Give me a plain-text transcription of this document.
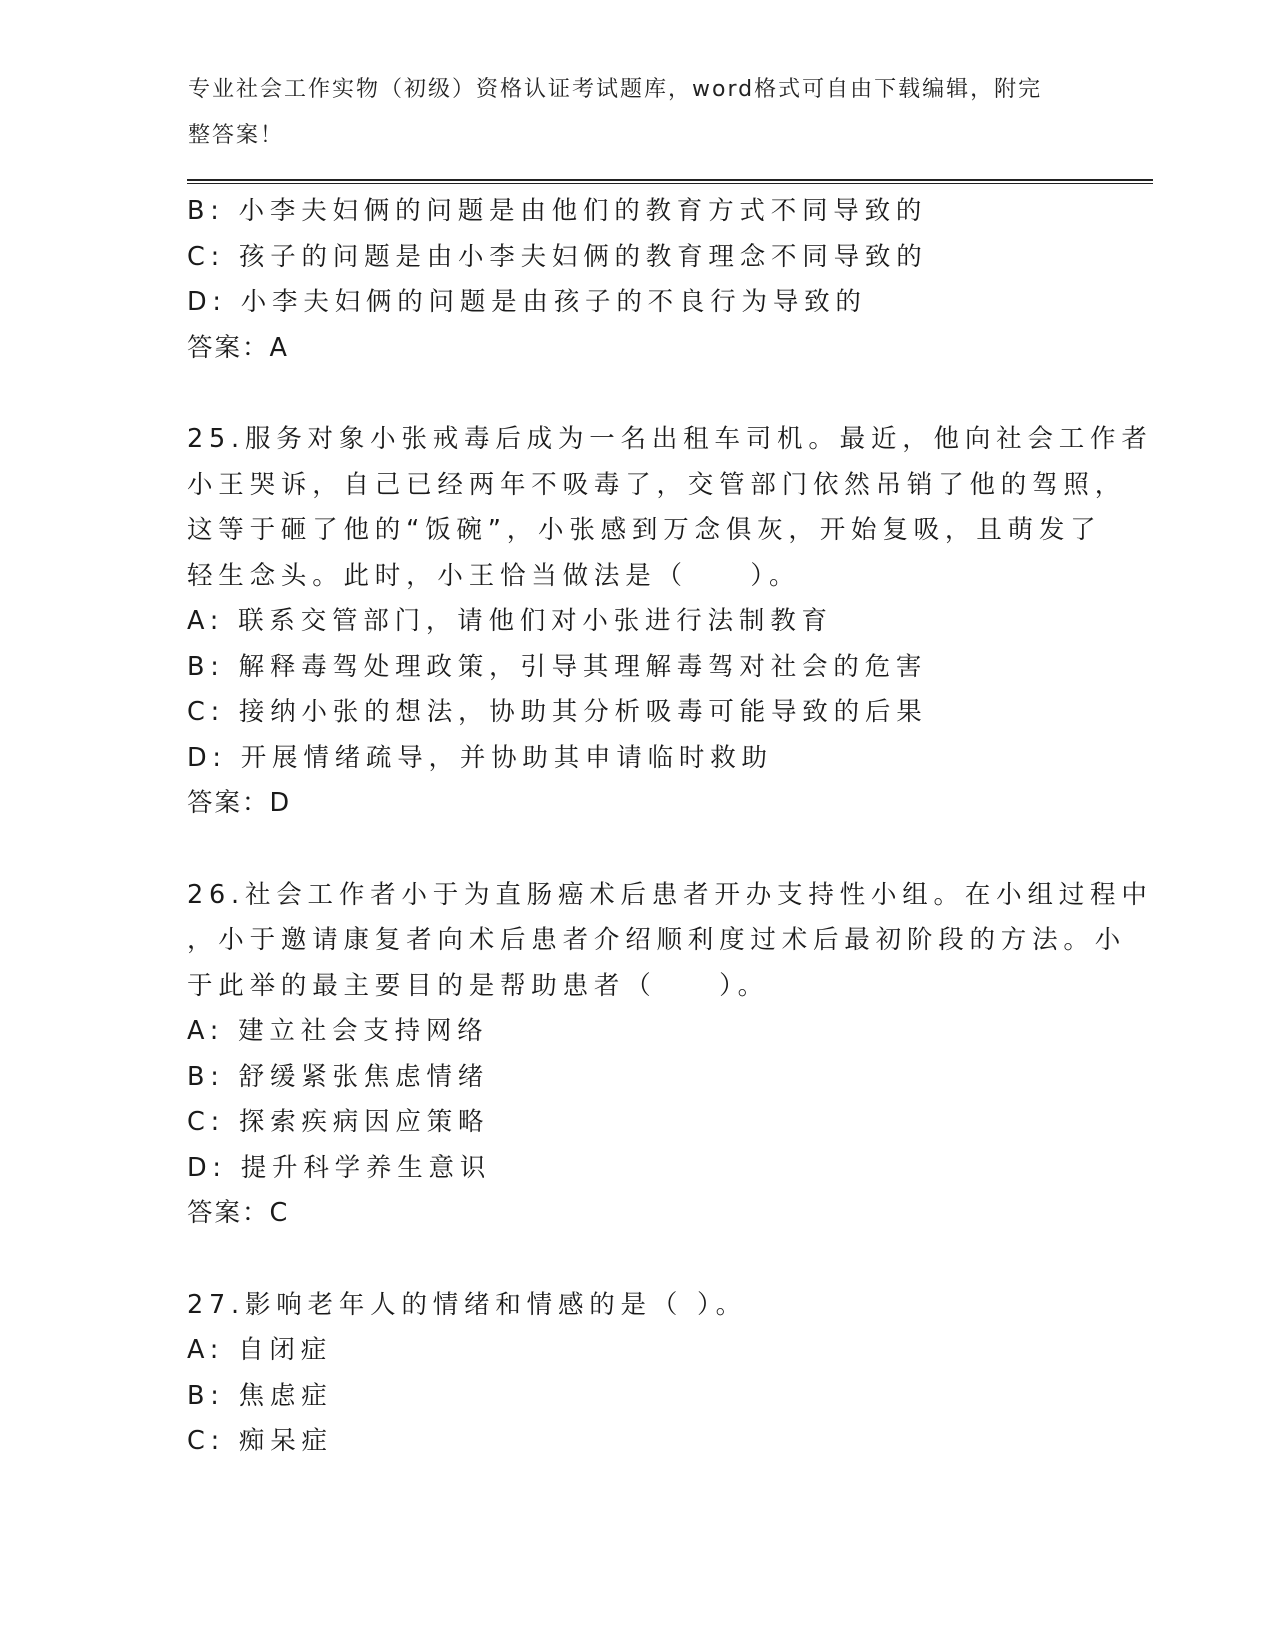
专业社会工作实物（初级）资格认证考试题库，word格式可自由下载编辑，附完
整答案！
B: 小李夫妇俩的问题是由他们的教育方式不同导致的
C: 孩子的问题是由小李夫妇俩的教育理念不同导致的
D: 小李夫妇俩的问题是由孩子的不良行为导致的
答案：A
25.服务对象小张戒毒后成为一名出租车司机。最近，他向社会工作者
小王哭诉，自己已经两年不吸毒了，交管部门依然吊销了他的驾照，
这等于砸了他的“饭碗”，小张感到万念俱灰，开始复吸，且萌发了
轻生念头。此时，小王恰当做法是（　　）。
A: 联系交管部门，请他们对小张进行法制教育
B: 解释毒驾处理政策，引导其理解毒驾对社会的危害
C: 接纳小张的想法，协助其分析吸毒可能导致的后果
D: 开展情绪疏导，并协助其申请临时救助
答案：D
26.社会工作者小于为直肠癌术后患者开办支持性小组。在小组过程中
，小于邀请康复者向术后患者介绍顺利度过术后最初阶段的方法。小
于此举的最主要目的是帮助患者（　　）。
A: 建立社会支持网络
B: 舒缓紧张焦虑情绪
C: 探索疾病因应策略
D: 提升科学养生意识
答案：C
27.影响老年人的情绪和情感的是（ ）。
A: 自闭症
B: 焦虑症
C: 痴呆症
